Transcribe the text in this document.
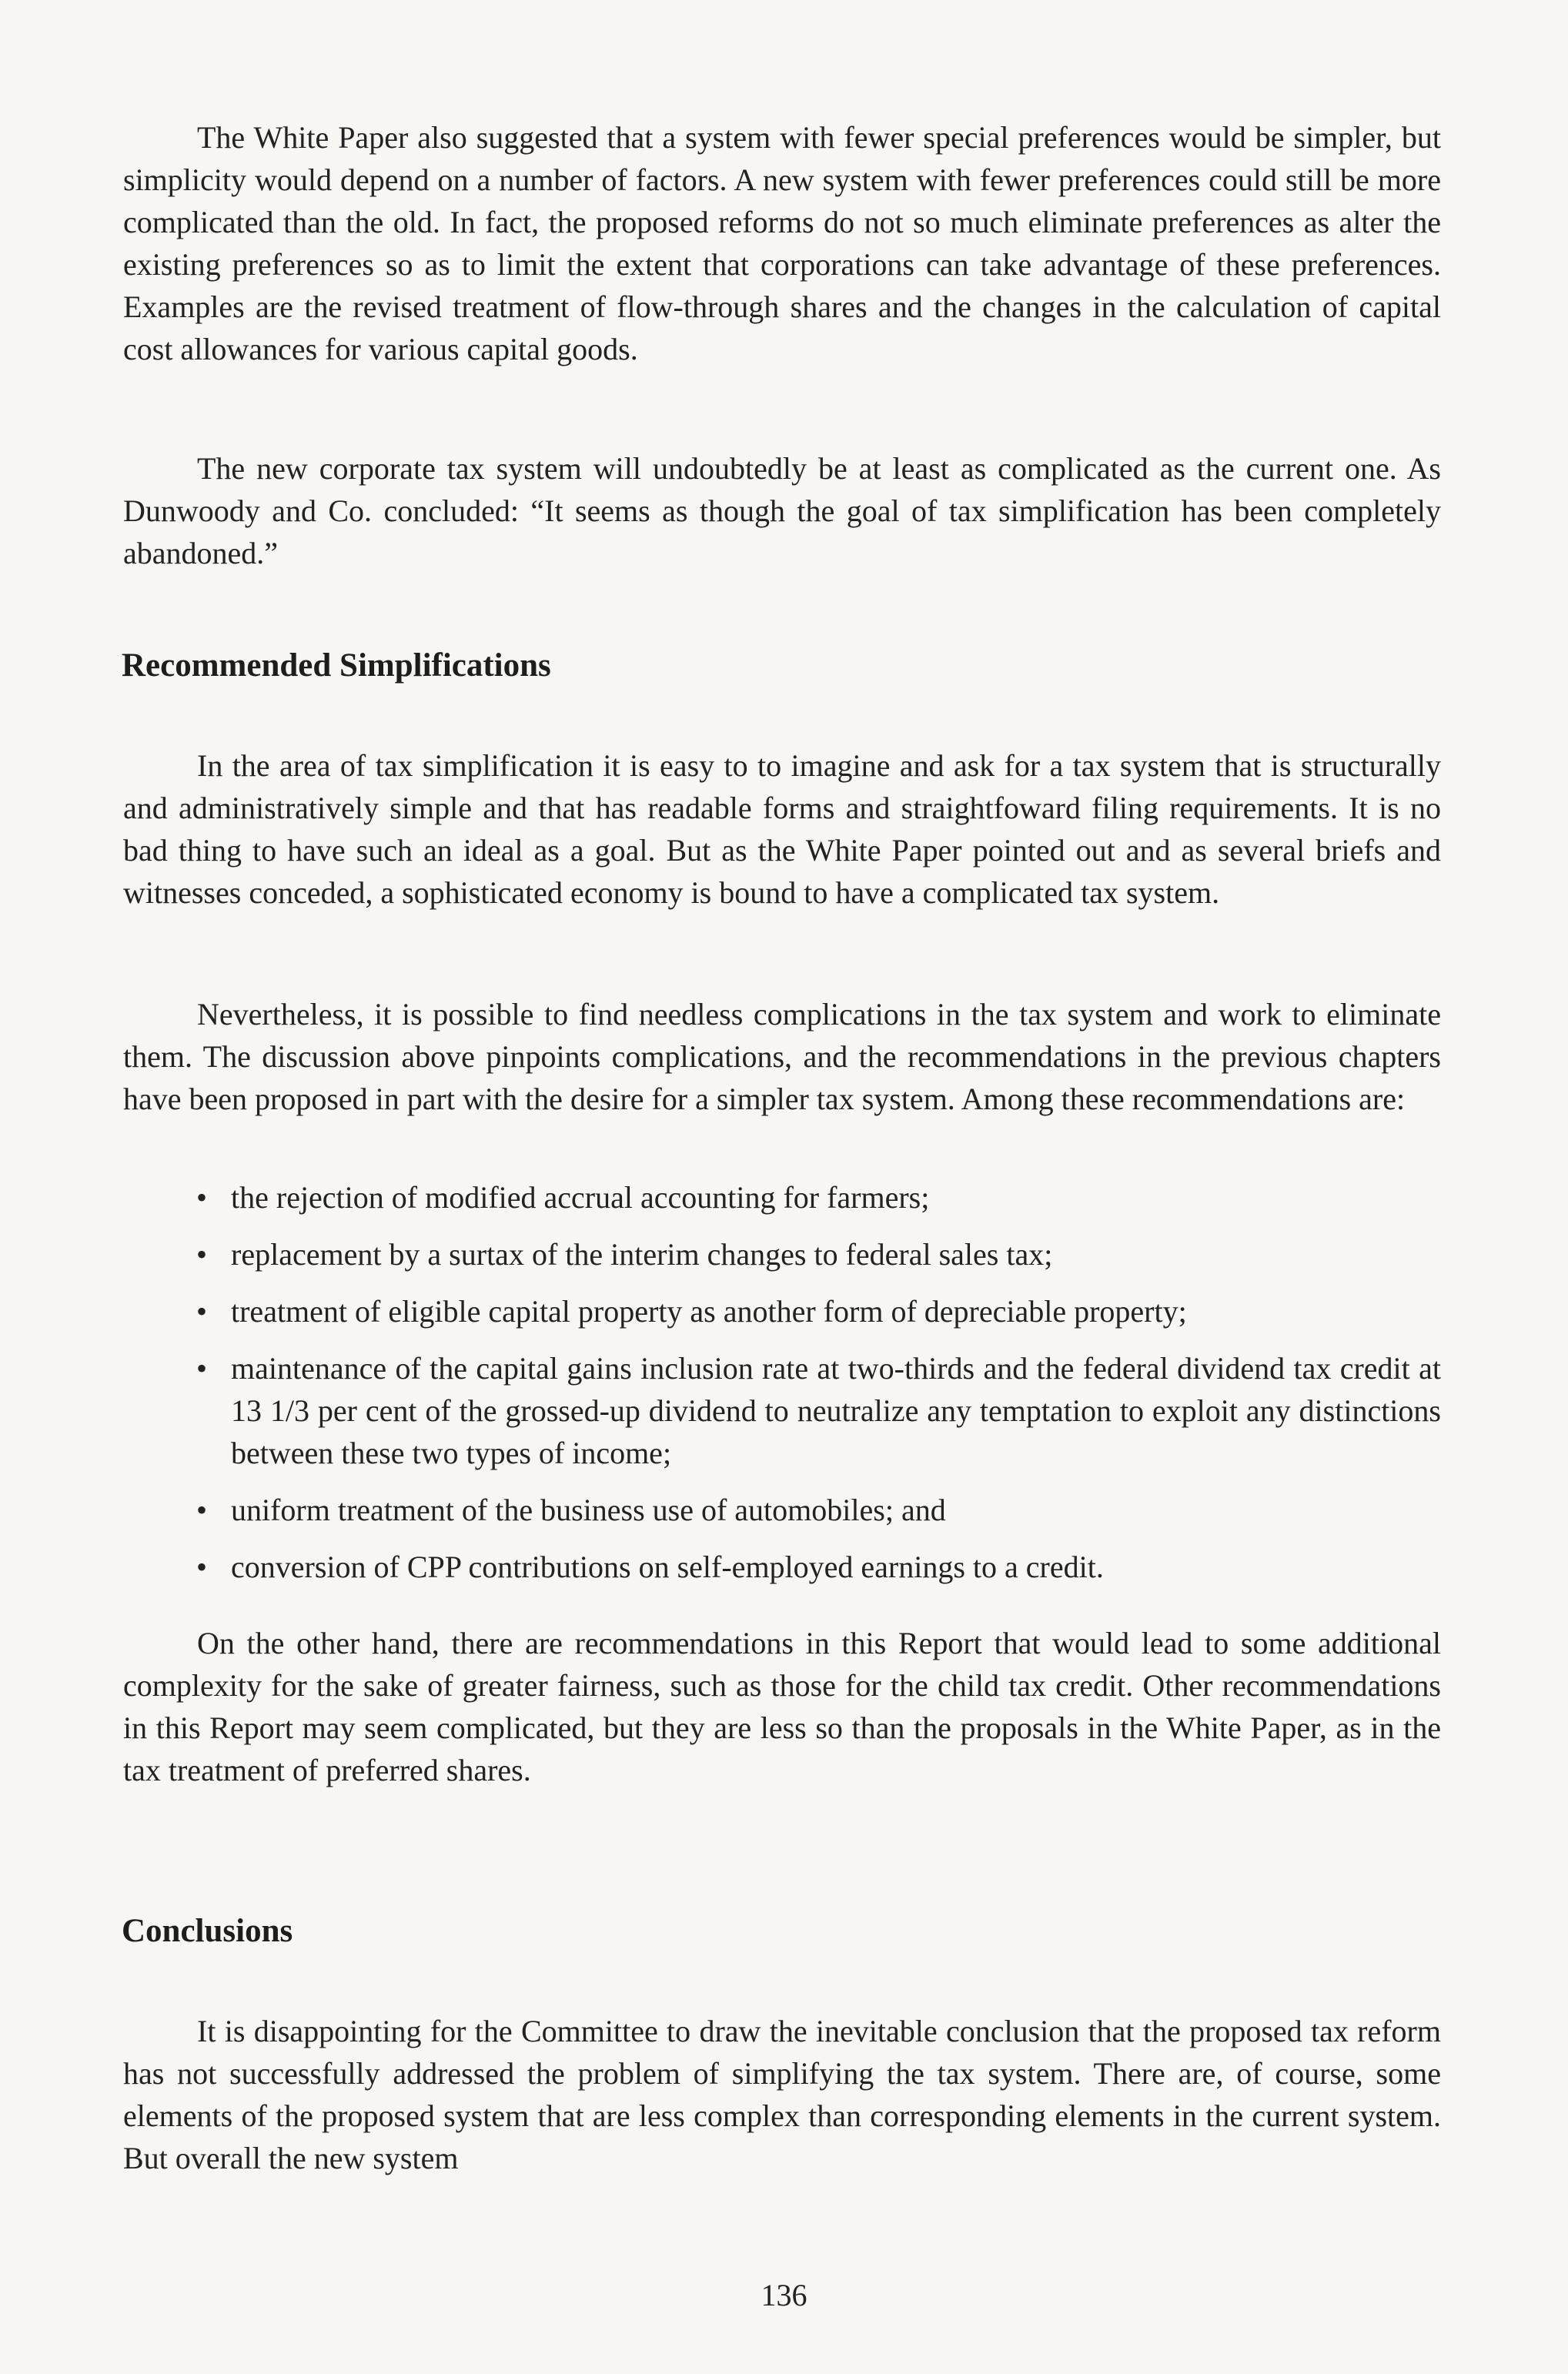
The White Paper also suggested that a system with fewer special preferences would be simpler, but simplicity would depend on a number of factors. A new system with fewer preferences could still be more complicated than the old. In fact, the proposed reforms do not so much eliminate preferences as alter the existing preferences so as to limit the extent that corporations can take advantage of these preferences. Examples are the revised treatment of flow-through shares and the changes in the calculation of capital cost allowances for various capital goods.

The new corporate tax system will undoubtedly be at least as complicated as the current one. As Dunwoody and Co. concluded: “It seems as though the goal of tax simplification has been completely abandoned.”

Recommended Simplifications

In the area of tax simplification it is easy to to imagine and ask for a tax system that is structurally and administratively simple and that has readable forms and straightfoward filing requirements. It is no bad thing to have such an ideal as a goal. But as the White Paper pointed out and as several briefs and witnesses conceded, a sophisticated economy is bound to have a complicated tax system.

Nevertheless, it is possible to find needless complications in the tax system and work to eliminate them. The discussion above pinpoints complications, and the recommendations in the previous chapters have been proposed in part with the desire for a simpler tax system. Among these recommendations are:

• the rejection of modified accrual accounting for farmers;
• replacement by a surtax of the interim changes to federal sales tax;
• treatment of eligible capital property as another form of depreciable property;
• maintenance of the capital gains inclusion rate at two-thirds and the federal dividend tax credit at 13 1/3 per cent of the grossed-up dividend to neutralize any temptation to exploit any distinctions between these two types of income;
• uniform treatment of the business use of automobiles; and
• conversion of CPP contributions on self-employed earnings to a credit.

On the other hand, there are recommendations in this Report that would lead to some additional complexity for the sake of greater fairness, such as those for the child tax credit. Other recommendations in this Report may seem complicated, but they are less so than the proposals in the White Paper, as in the tax treatment of preferred shares.

Conclusions

It is disappointing for the Committee to draw the inevitable conclusion that the proposed tax reform has not successfully addressed the problem of simplifying the tax system. There are, of course, some elements of the proposed system that are less complex than corresponding elements in the current system. But overall the new system

136
